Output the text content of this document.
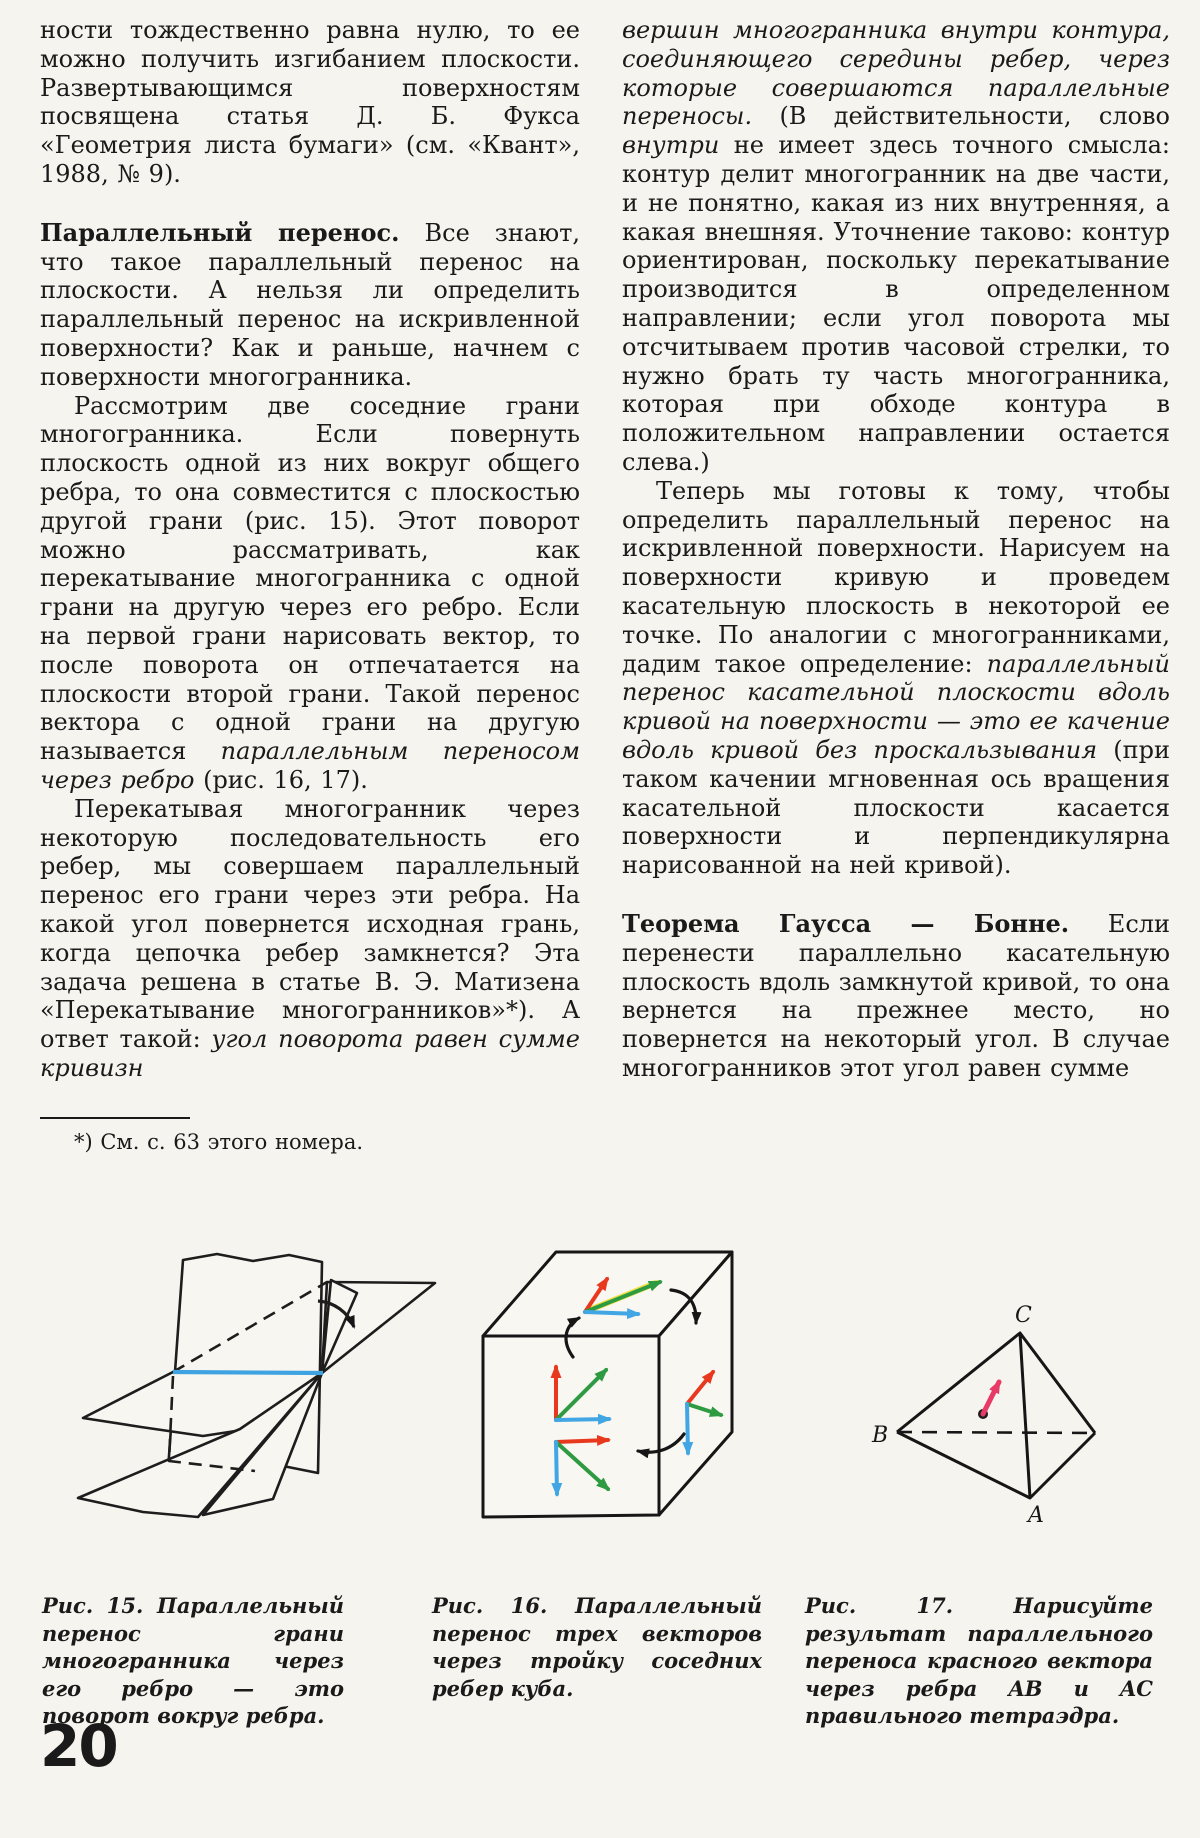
ности тождественно равна нулю, то ее можно получить изгибанием плоскости. Развертывающимся поверхностям посвящена статья Д. Б. Фукса «Геометрия листа бумаги» (см. «Квант», 1988, № 9).

Параллельный перенос. Все знают, что такое параллельный перенос на плоскости. А нельзя ли определить параллельный перенос на искривленной поверхности? Как и раньше, начнем с поверхности многогранника.

Рассмотрим две соседние грани многогранника. Если повернуть плоскость одной из них вокруг общего ребра, то она совместится с плоскостью другой грани (рис. 15). Этот поворот можно рассматривать, как перекатывание многогранника с одной грани на другую через его ребро. Если на первой грани нарисовать вектор, то после поворота он отпечатается на плоскости второй грани. Такой перенос вектора с одной грани на другую называется параллельным переносом через ребро (рис. 16, 17).

Перекатывая многогранник через некоторую последовательность его ребер, мы совершаем параллельный перенос его грани через эти ребра. На какой угол повернется исходная грань, когда цепочка ребер замкнется? Эта задача решена в статье В. Э. Матизена «Перекатывание многогранников»*). А ответ такой: угол поворота равен сумме кривизн

*) См. с. 63 этого номера.

вершин многогранника внутри контура, соединяющего середины ребер, через которые совершаются параллельные переносы. (В действительности, слово внутри не имеет здесь точного смысла: контур делит многогранник на две части, и не понятно, какая из них внутренняя, а какая внешняя. Уточнение таково: контур ориентирован, поскольку перекатывание производится в определенном направлении; если угол поворота мы отсчитываем против часовой стрелки, то нужно брать ту часть многогранника, которая при обходе контура в положительном направлении остается слева.)

Теперь мы готовы к тому, чтобы определить параллельный перенос на искривленной поверхности. Нарисуем на поверхности кривую и проведем касательную плоскость в некоторой ее точке. По аналогии с многогранниками, дадим такое определение: параллельный перенос касательной плоскости вдоль кривой на поверхности — это ее качение вдоль кривой без проскальзывания (при таком качении мгновенная ось вращения касательной плоскости касается поверхности и перпендикулярна нарисованной на ней кривой).

Теорема Гаусса — Бонне. Если перенести параллельно касательную плоскость вдоль замкнутой кривой, то она вернется на прежнее место, но повернется на некоторый угол. В случае многогранников этот угол равен сумме

C
B
A
Рис. 15. Параллельный перенос грани многогранника через его ребро — это поворот вокруг ребра.
Рис. 16. Параллельный перенос трех векторов через тройку соседних ребер куба.
Рис. 17. Нарисуйте результат параллельного переноса красного вектора через ребра AB и AC правильного тетраэдра.
20
